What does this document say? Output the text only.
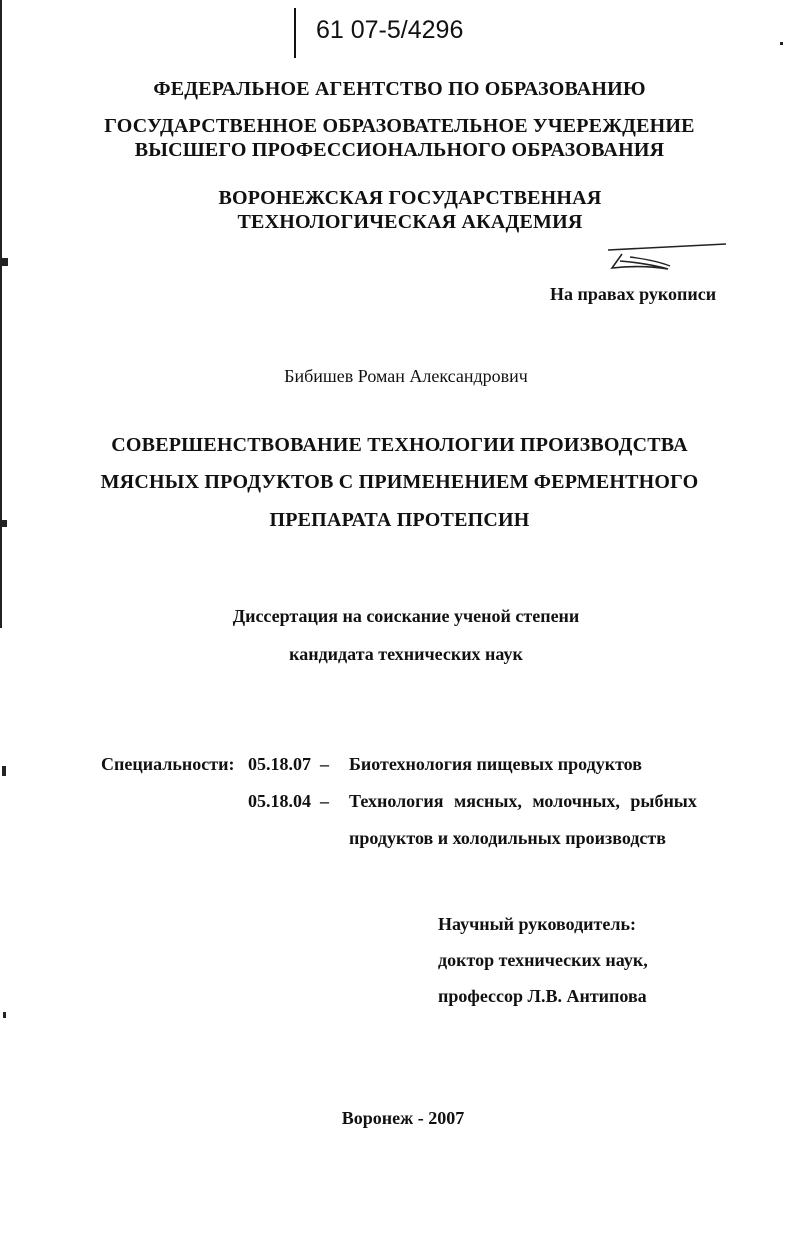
61 07-5/4296
ФЕДЕРАЛЬНОЕ АГЕНТСТВО ПО ОБРАЗОВАНИЮ
ГОСУДАРСТВЕННОЕ ОБРАЗОВАТЕЛЬНОЕ УЧЕРЕЖДЕНИЕ
ВЫСШЕГО ПРОФЕССИОНАЛЬНОГО ОБРАЗОВАНИЯ
ВОРОНЕЖСКАЯ ГОСУДАРСТВЕННАЯ
ТЕХНОЛОГИЧЕСКАЯ АКАДЕМИЯ
На правах рукописи
Бибишев Роман Александрович
СОВЕРШЕНСТВОВАНИЕ ТЕХНОЛОГИИ ПРОИЗВОДСТВА
МЯСНЫХ ПРОДУКТОВ С ПРИМЕНЕНИЕМ ФЕРМЕНТНОГО
ПРЕПАРАТА ПРОТЕПСИН
Диссертация на соискание ученой степени
кандидата технических наук
Специальности: 05.18.07 – Биотехнология пищевых продуктов
05.18.04 – Технология мясных, молочных, рыбных
продуктов и холодильных производств
Научный руководитель:
доктор технических наук,
профессор Л.В. Антипова
Воронеж - 2007
